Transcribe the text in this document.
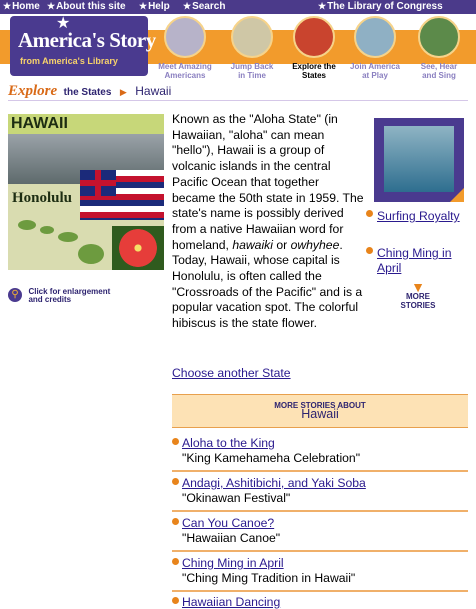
★Home ★About this site ★Help ★Search	★The Library of Congress
★
America's Story
from America's Library
Meet Amazing
Americans
Jump Back
in Time
Explore the
States
Join America
at Play
See, Hear
and Sing
Explore the States ▶ Hawaii
HAWAII
Honolulu
⚲ Click for enlargement
and credits
Known as the "Aloha State" (in Hawaiian, "aloha" can mean "hello"), Hawaii is a group of volcanic islands in the central Pacific Ocean that together became the 50th state in 1959. The state's name is possibly derived from a native Hawaiian word for homeland, hawaiki or owhyhee. Today, Hawaii, whose capital is Honolulu, is often called the "Crossroads of the Pacific" and is a popular vacation spot. The colorful hibiscus is the state flower.
Choose another State
Surfing Royalty
Ching Ming in April
▼
MORE STORIES
MORE STORIES ABOUT
Hawaii
Aloha to the King
"King Kamehameha Celebration"
Andagi, Ashitibichi, and Yaki Soba
"Okinawan Festival"
Can You Canoe?
"Hawaiian Canoe"
Ching Ming in April
"Ching Ming Tradition in Hawaii"
Hawaiian Dancing
